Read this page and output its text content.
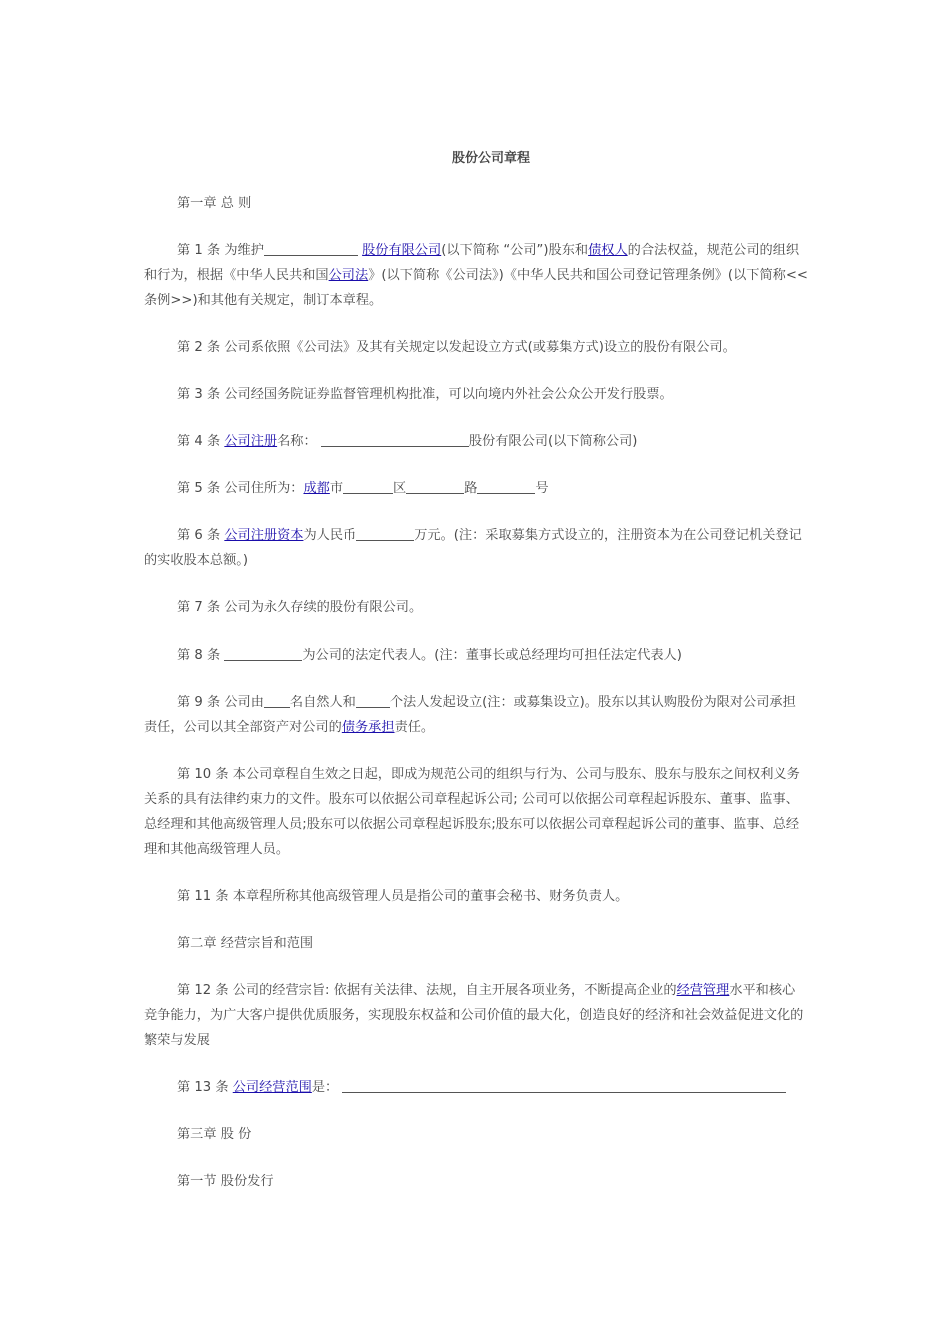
股份公司章程

第一章 总 则

第 1 条 为维护	股份有限公司(以下简称 “公司”)股东和债权人的合法权益，规范公司的组织和行为，根据《中华人民共和国公司法》(以下简称《公司法》)《中华人民共和国公司登记管理条例》(以下简称<<条例>>)和其他有关规定，制订本章程。

第 2 条 公司系依照《公司法》及其有关规定以发起设立方式(或募集方式)设立的股份有限公司。

第 3 条 公司经国务院证券监督管理机构批准，可以向境内外社会公众公开发行股票。

第 4 条 公司注册名称：	股份有限公司(以下简称公司)

第 5 条 公司住所为：成都市	区	路	号

第 6 条 公司注册资本为人民币	万元。(注：采取募集方式设立的，注册资本为在公司登记机关登记的实收股本总额。)

第 7 条 公司为永久存续的股份有限公司。

第 8 条	为公司的法定代表人。(注：董事长或总经理均可担任法定代表人)

第 9 条 公司由 名自然人和	个法人发起设立(注：或募集设立)。股东以其认购股份为限对公司承担责任，公司以其全部资产对公司的债务承担责任。

第 10 条 本公司章程自生效之日起，即成为规范公司的组织与行为、公司与股东、股东与股东之间权利义务关系的具有法律约束力的文件。股东可以依据公司章程起诉公司; 公司可以依据公司章程起诉股东、董事、监事、总经理和其他高级管理人员;股东可以依据公司章程起诉股东;股东可以依据公司章程起诉公司的董事、监事、总经理和其他高级管理人员。

第 11 条 本章程所称其他高级管理人员是指公司的董事会秘书、财务负责人。

第二章 经营宗旨和范围

第 12 条 公司的经营宗旨: 依据有关法律、法规，自主开展各项业务，不断提高企业的经营管理水平和核心竞争能力，为广大客户提供优质服务，实现股东权益和公司价值的最大化，创造良好的经济和社会效益促进文化的繁荣与发展

第 13 条 公司经营范围是：

第三章 股 份

第一节 股份发行
